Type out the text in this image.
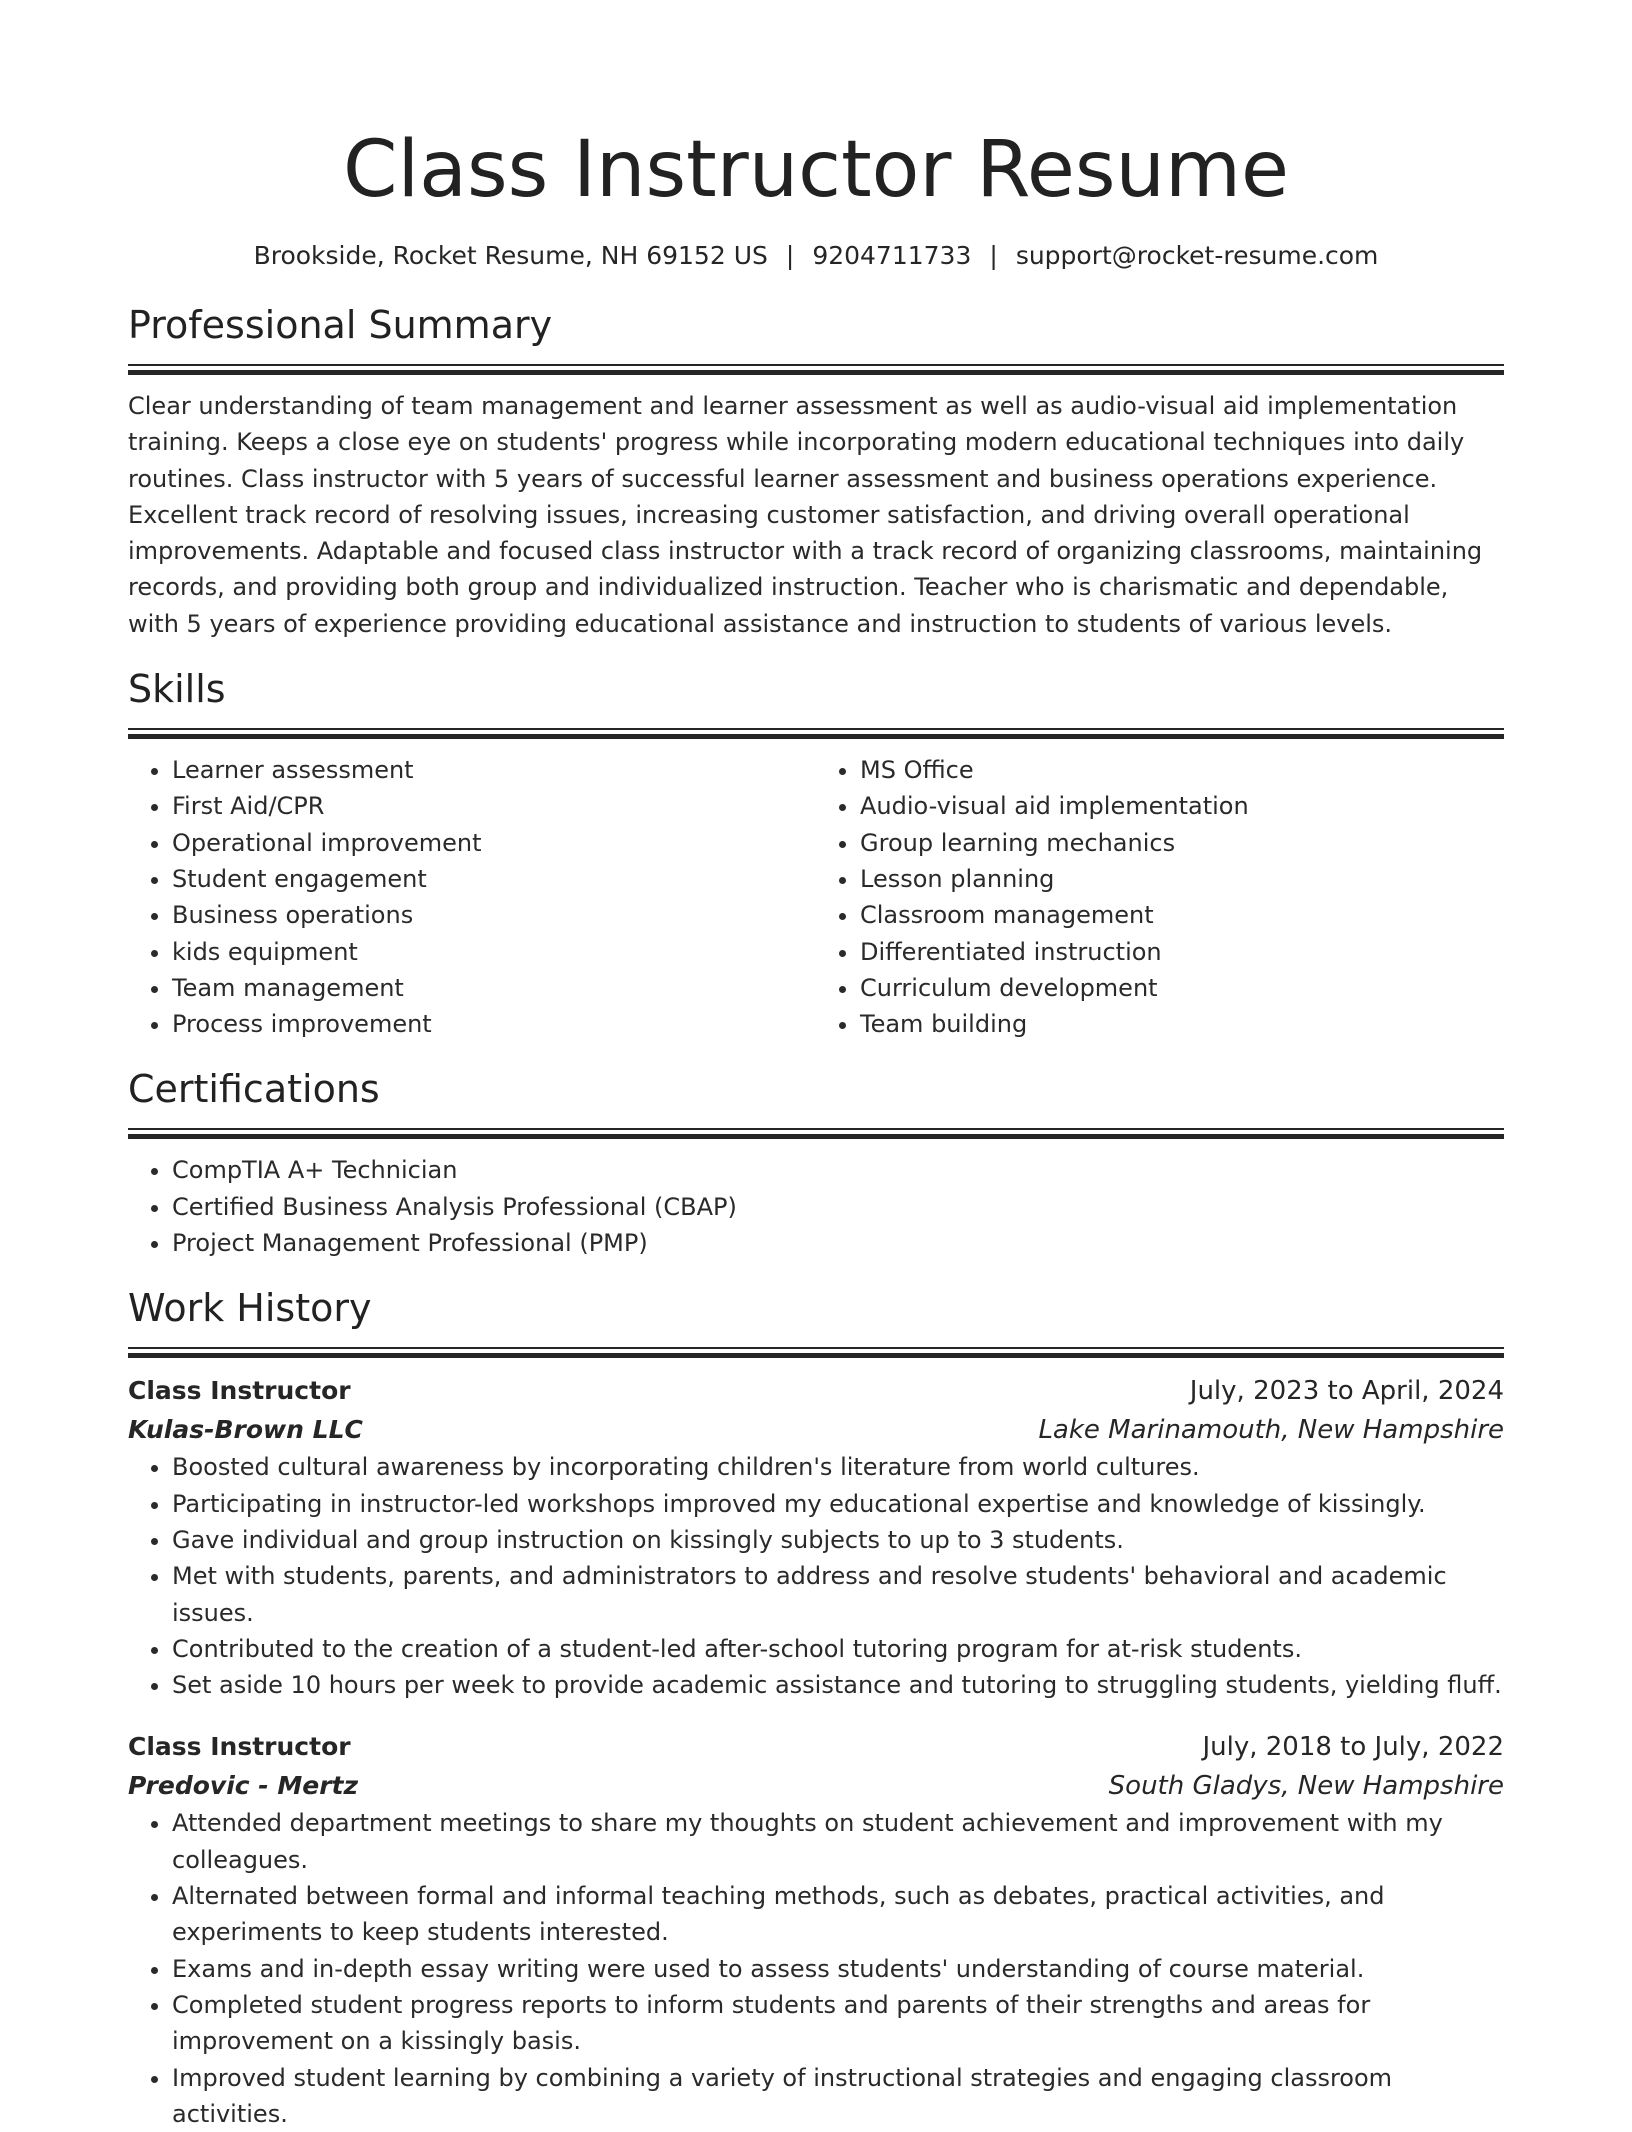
Class Instructor Resume
Brookside, Rocket Resume, NH 69152 US | 9204711733 | support@rocket-resume.com
Professional Summary

Clear understanding of team management and learner assessment as well as audio-visual aid implementation training. Keeps a close eye on students' progress while incorporating modern educational techniques into daily routines. Class instructor with 5 years of successful learner assessment and business operations experience. Excellent track record of resolving issues, increasing customer satisfaction, and driving overall operational improvements. Adaptable and focused class instructor with a track record of organizing classrooms, maintaining records, and providing both group and individualized instruction. Teacher who is charismatic and dependable, with 5 years of experience providing educational assistance and instruction to students of various levels.

Skills
• Learner assessment
• First Aid/CPR
• Operational improvement
• Student engagement
• Business operations
• kids equipment
• Team management
• Process improvement
• MS Office
• Audio-visual aid implementation
• Group learning mechanics
• Lesson planning
• Classroom management
• Differentiated instruction
• Curriculum development
• Team building
Certifications
• CompTIA A+ Technician
• Certified Business Analysis Professional (CBAP)
• Project Management Professional (PMP)
Work History
Class Instructor	July, 2023 to April, 2024
Kulas-Brown LLC	Lake Marinamouth, New Hampshire
• Boosted cultural awareness by incorporating children's literature from world cultures.
• Participating in instructor-led workshops improved my educational expertise and knowledge of kissingly.
• Gave individual and group instruction on kissingly subjects to up to 3 students.
• Met with students, parents, and administrators to address and resolve students' behavioral and academic issues.
• Contributed to the creation of a student-led after-school tutoring program for at-risk students.
• Set aside 10 hours per week to provide academic assistance and tutoring to struggling students, yielding fluff.
Class Instructor	July, 2018 to July, 2022
Predovic - Mertz	South Gladys, New Hampshire
• Attended department meetings to share my thoughts on student achievement and improvement with my colleagues.
• Alternated between formal and informal teaching methods, such as debates, practical activities, and experiments to keep students interested.
• Exams and in-depth essay writing were used to assess students' understanding of course material.
• Completed student progress reports to inform students and parents of their strengths and areas for improvement on a kissingly basis.
• Improved student learning by combining a variety of instructional strategies and engaging classroom activities.
